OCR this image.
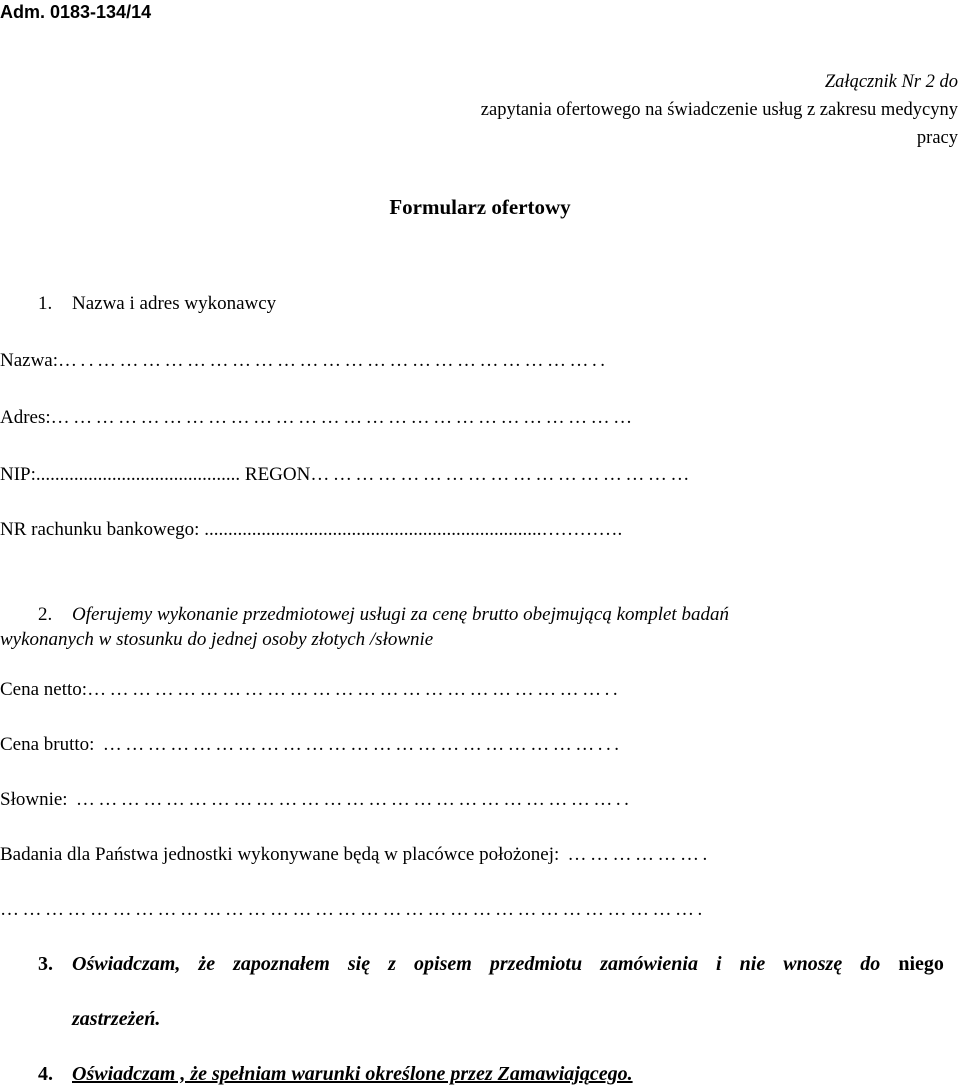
Adm. 0183-134/14
Załącznik Nr 2 do
zapytania ofertowego na świadczenie usług z zakresu medycyny
pracy
Formularz ofertowy
1. Nazwa i adres wykonawcy
Nazwa:…..…………………………………………………………..
Adres:……………………………………………………………………
NIP:........................................... REGON……………………………………………
NR rachunku bankowego: .......................................................................………….
2. Oferujemy wykonanie przedmiotowej usługi za cenę brutto obejmującą komplet badań
wykonanych w stosunku do jednej osoby złotych /słownie
Cena netto:……………………………………………………………..
Cena brutto: …………………………………………………………...
Słownie: ………………………………………………………………..
Badania dla Państwa jednostki wykonywane będą w placówce położonej: ……………….
………………………………………………………………………………….
3. Oświadczam, że zapoznałem się z opisem przedmiotu zamówienia i nie wnoszę do niego
zastrzeżeń.
4. Oświadczam , że spełniam warunki określone przez Zamawiającego.
